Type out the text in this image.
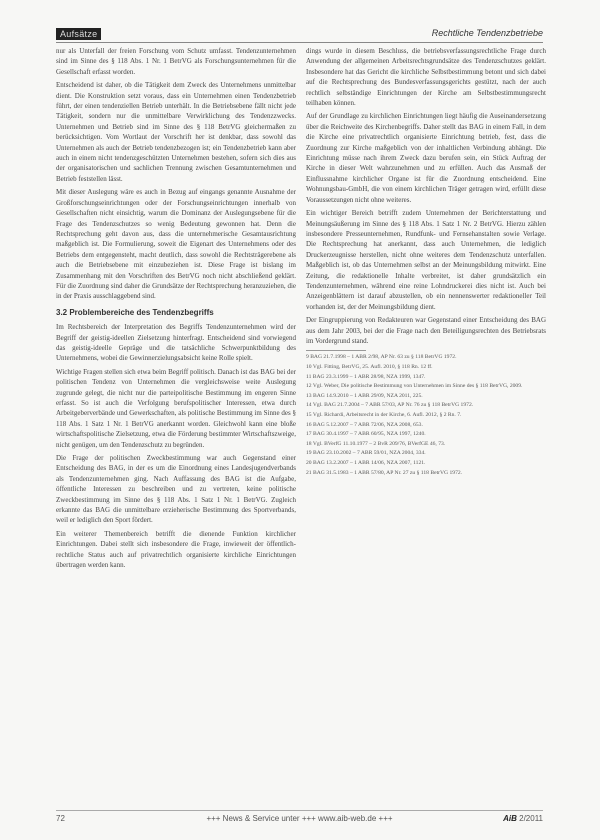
Aufsätze	Rechtliche Tendenzbetriebe

nur als Unterfall der freien Forschung vom Schutz umfasst. Tendenzunternehmen sind im Sinne des § 118 Abs. 1 Nr. 1 BetrVG als Forschungsunternehmen für die Gesellschaft erfasst worden.

Entscheidend ist daher, ob die Tätigkeit dem Zweck des Unternehmens unmittelbar dient. Die Konstruktion setzt voraus, dass ein Unternehmen einen Tendenzbetrieb führt, der einen tendenziellen Betrieb unterhält. In die Betriebsebene fällt nicht jede Tätigkeit, sondern nur die unmittelbare Verwirklichung des Tendenzzwecks. Unternehmen und Betrieb sind im Sinne des § 118 BetrVG gleichermaßen zu berücksichtigen. Vom Wortlaut der Vorschrift her ist denkbar, dass sowohl das Unternehmen als auch der Betrieb tendenzbezogen ist; ein Tendenzbetrieb kann aber auch in einem nicht tendenzgeschützten Unternehmen bestehen, sofern sich dies aus der organisatorischen und sachlichen Trennung zwischen Gesamtunternehmen und Betrieb feststellen lässt.

Mit dieser Auslegung wäre es auch in Bezug auf eingangs genannte Ausnahme der Großforschungseinrichtungen oder der Forschungseinrichtungen innerhalb von Gesellschaften nicht einsichtig, warum die Dominanz der Auslegungsebene für die Frage des Tendenzschutzes so wenig Bedeutung gewonnen hat. Denn die Rechtsprechung geht davon aus, dass die unternehmerische Gesamtausrichtung maßgeblich ist. Die Formulierung, soweit die Eigenart des Unternehmens oder des Betriebs dem entgegensteht, macht deutlich, dass sowohl die Rechtsträgerebene als auch die Betriebsebene mit einzubeziehen ist. Diese Frage ist bislang im Zusammenhang mit den Vorschriften des BetrVG noch nicht abschließend geklärt. Für die Zuordnung sind daher die Grundsätze der Rechtsprechung heranzuziehen, die in der Praxis ausschlaggebend sind.

3.2 Problembereiche des Tendenzbegriffs

Im Rechtsbereich der Interpretation des Begriffs Tendenzunternehmen wird der Begriff der geistig-ideellen Zielsetzung hinterfragt. Entscheidend sind vorwiegend das geistig-ideelle Gepräge und die tatsächliche Schwerpunktbildung des Unternehmens, wobei die Gewinnerzielungsabsicht keine Rolle spielt.

Wichtige Fragen stellen sich etwa beim Begriff politisch. Danach ist das BAG bei der politischen Tendenz von Unternehmen die vergleichsweise weite Auslegung zugrunde gelegt, die nicht nur die parteipolitische Bestimmung im engeren Sinne erfasst. So ist auch die Verfolgung berufspolitischer Interessen, etwa durch Arbeitgeberverbände und Gewerkschaften, als politische Bestimmung im Sinne des § 118 Abs. 1 Satz 1 Nr. 1 BetrVG anerkannt worden. Gleichwohl kann eine bloße wirtschaftspolitische Zielsetzung, etwa die Förderung bestimmter Wirtschaftszweige, nicht genügen, um den Tendenzschutz zu begründen.

Die Frage der politischen Zweckbestimmung war auch Gegenstand einer Entscheidung des BAG, in der es um die Einordnung eines Landesjugendverbands als Tendenzunternehmen ging. Nach Auffassung des BAG ist die Aufgabe, öffentliche Interessen zu beschreiben und zu vertreten, keine politische Zweckbestimmung im Sinne des § 118 Abs. 1 Satz 1 Nr. 1 BetrVG. Zugleich erkannte das BAG die unmittelbare erzieherische Bestimmung des Sportverbands, weil er lediglich den Sport fördert.

Ein weiterer Themenbereich betrifft die dienende Funktion kirchlicher Einrichtungen. Dabei stellt sich insbesondere die Frage, inwieweit der öffentlich-rechtliche Status auch auf privatrechtlich organisierte kirchliche Einrichtungen übertragen werden kann.

dings wurde in diesem Beschluss, die betriebsverfassungsrechtliche Frage durch Anwendung der allgemeinen Arbeitsrechtsgrundsätze des Tendenzschutzes geklärt. Insbesondere hat das Gericht die kirchliche Selbstbestimmung betont und sich dabei auf die Rechtsprechung des Bundesverfassungsgerichts gestützt, nach der auch rechtlich selbständige Einrichtungen der Kirche am Selbstbestimmungsrecht teilhaben können.

Auf der Grundlage zu kirchlichen Einrichtungen liegt häufig die Auseinandersetzung über die Reichweite des Kirchenbegriffs. Daher stellt das BAG in einem Fall, in dem die Kirche eine privatrechtlich organisierte Einrichtung betrieb, fest, dass die Zuordnung zur Kirche maßgeblich von der inhaltlichen Verbindung abhängt. Die Einrichtung müsse nach ihrem Zweck dazu berufen sein, ein Stück Auftrag der Kirche in dieser Welt wahrzunehmen und zu erfüllen. Auch das Ausmaß der Einflussnahme kirchlicher Organe ist für die Zuordnung entscheidend. Eine Wohnungsbau-GmbH, die von einem kirchlichen Träger getragen wird, erfüllt diese Voraussetzungen nicht ohne weiteres.

Ein wichtiger Bereich betrifft zudem Unternehmen der Berichterstattung und Meinungsäußerung im Sinne des § 118 Abs. 1 Satz 1 Nr. 2 BetrVG. Hierzu zählen insbesondere Presseunternehmen, Rundfunk- und Fernsehanstalten sowie Verlage. Die Rechtsprechung hat anerkannt, dass auch Unternehmen, die lediglich Druckerzeugnisse herstellen, nicht ohne weiteres dem Tendenzschutz unterfallen. Maßgeblich ist, ob das Unternehmen selbst an der Meinungsbildung mitwirkt. Eine Zeitung, die redaktionelle Inhalte verbreitet, ist daher grundsätzlich ein Tendenzunternehmen, während eine reine Lohndruckerei dies nicht ist. Auch bei Anzeigenblättern ist darauf abzustellen, ob ein nennenswerter redaktioneller Teil vorhanden ist, der der Meinungsbildung dient.

Der Eingruppierung von Redakteuren war Gegenstand einer Entscheidung des BAG aus dem Jahr 2003, bei der die Frage nach den Beteiligungsrechten des Betriebsrats im Vordergrund stand.

9 BAG 21.7.1998 – 1 ABR 2/98, AP Nr. 63 zu § 118 BetrVG 1972.
10 Vgl. Fitting, BetrVG, 25. Aufl. 2010, § 118 Rn. 12 ff.
11 BAG 23.3.1999 – 1 ABR 28/98, NZA 1999, 1347.
12 Vgl. Weber, Die politische Bestimmung von Unternehmen im Sinne des § 118 BetrVG, 2009.
13 BAG 14.9.2010 – 1 ABR 29/09, NZA 2011, 225.
14 Vgl. BAG 21.7.2004 – 7 ABR 57/03, AP Nr. 76 zu § 118 BetrVG 1972.
15 Vgl. Richardi, Arbeitsrecht in der Kirche, 6. Aufl. 2012, § 2 Rn. 7.
16 BAG 5.12.2007 – 7 ABR 72/06, NZA 2008, 653.
17 BAG 30.4.1997 – 7 ABR 60/95, NZA 1997, 1240.
18 Vgl. BVerfG 11.10.1977 – 2 BvR 209/76, BVerfGE 46, 73.
19 BAG 23.10.2002 – 7 ABR 59/01, NZA 2004, 334.
20 BAG 13.2.2007 – 1 ABR 14/06, NZA 2007, 1121.
21 BAG 31.5.1983 – 1 ABR 57/80, AP Nr. 27 zu § 118 BetrVG 1972.
72	+++ News & Service unter +++ www.aib-web.de +++	AiB 2/2011
